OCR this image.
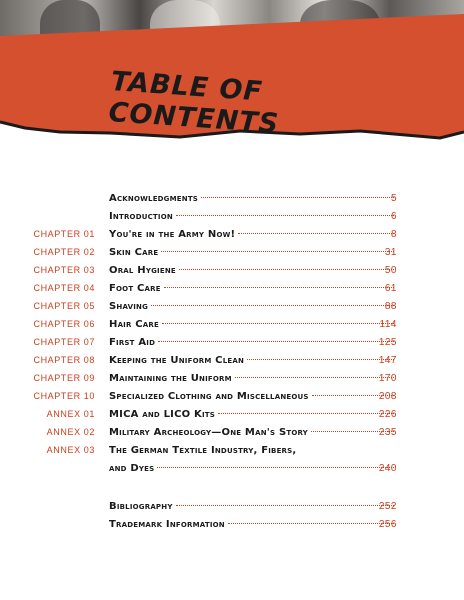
TABLE OF CONTENTS
Acknowledgments	5
Introduction	6
CHAPTER 01 You're in the Army Now!	8
CHAPTER 02 Skin Care	31
CHAPTER 03 Oral Hygiene	50
CHAPTER 04 Foot Care	61
CHAPTER 05 Shaving	88
CHAPTER 06 Hair Care	114
CHAPTER 07 First Aid	125
CHAPTER 08 Keeping the Uniform Clean	147
CHAPTER 09 Maintaining the Uniform	170
CHAPTER 10 Specialized Clothing and Miscellaneous	208
ANNEX 01 MICA and LICO Kits	226
ANNEX 02 Military Archeology—One Man's Story	235
ANNEX 03 The German Textile Industry, Fibers,
and Dyes	240
Bibliography	252
Trademark Information	256
